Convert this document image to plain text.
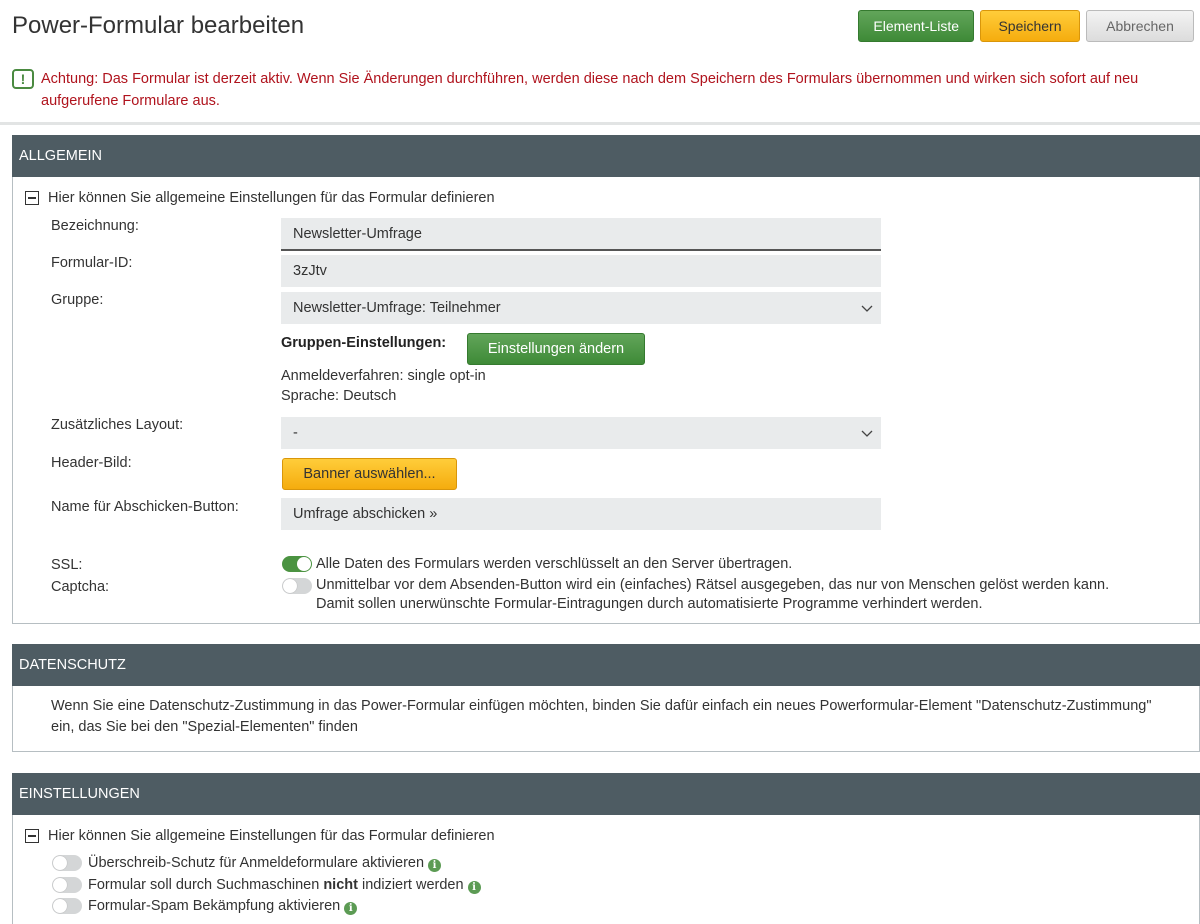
Power-Formular bearbeiten	Element-Liste	Speichern	Abbrechen
!	Achtung: Das Formular ist derzeit aktiv. Wenn Sie Änderungen durchführen, werden diese nach dem Speichern des Formulars übernommen und wirken sich sofort auf neu aufgerufene Formulare aus.
ALLGEMEIN
Hier können Sie allgemeine Einstellungen für das Formular definieren
Bezeichnung:	Newsletter-Umfrage
Formular-ID:	3zJtv
Gruppe:	Newsletter-Umfrage: Teilnehmer
Gruppen-Einstellungen:	Einstellungen ändern
Anmeldeverfahren: single opt-in
Sprache: Deutsch
Zusätzliches Layout:	-
Header-Bild:
Banner auswählen...
Name für Abschicken-Button:	Umfrage abschicken »
SSL:	Alle Daten des Formulars werden verschlüsselt an den Server übertragen.
Captcha:	Unmittelbar vor dem Absenden-Button wird ein (einfaches) Rätsel ausgegeben, das nur von Menschen gelöst werden kann.
Damit sollen unerwünschte Formular-Eintragungen durch automatisierte Programme verhindert werden.
DATENSCHUTZ
Wenn Sie eine Datenschutz-Zustimmung in das Power-Formular einfügen möchten, binden Sie dafür einfach ein neues Powerformular-Element "Datenschutz-Zustimmung" ein, das Sie bei den "Spezial-Elementen" finden
EINSTELLUNGEN
Hier können Sie allgemeine Einstellungen für das Formular definieren
Überschreib-Schutz für Anmeldeformulare aktivieren i
Formular soll durch Suchmaschinen nicht indiziert werden i
Formular-Spam Bekämpfung aktivieren i
